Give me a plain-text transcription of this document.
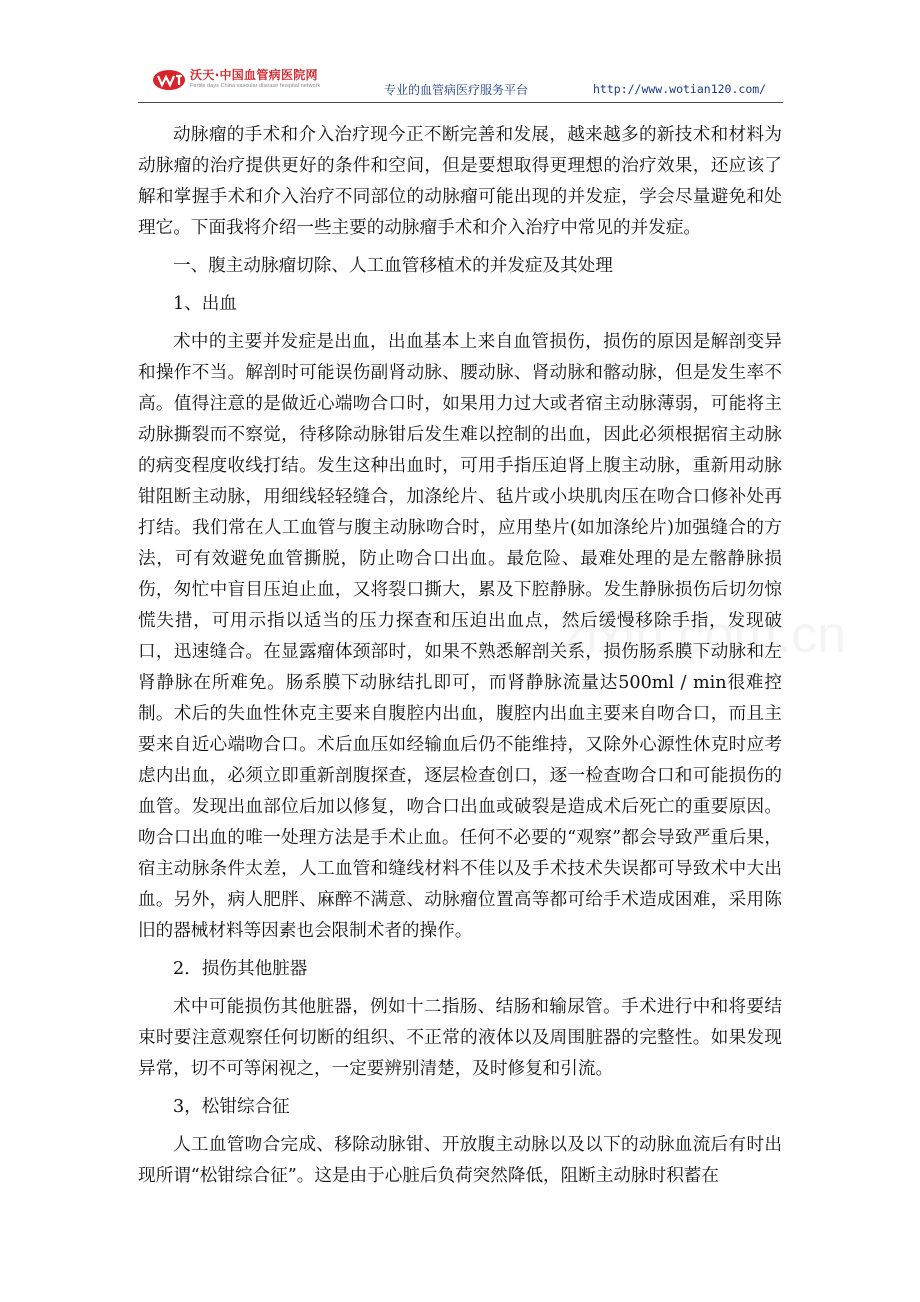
沃天·中国血管病医院网
Fertile days China vascular disease hospital network	专业的血管病医疗服务平台	http://www.wotian120.com/

动脉瘤的手术和介入治疗现今正不断完善和发展，越来越多的新技术和材料为动脉瘤的治疗提供更好的条件和空间，但是要想取得更理想的治疗效果，还应该了解和掌握手术和介入治疗不同部位的动脉瘤可能出现的并发症，学会尽量避免和处理它。下面我将介绍一些主要的动脉瘤手术和介入治疗中常见的并发症。

一、腹主动脉瘤切除、人工血管移植术的并发症及其处理

1、出血

术中的主要并发症是出血，出血基本上来自血管损伤，损伤的原因是解剖变异和操作不当。解剖时可能误伤副肾动脉、腰动脉、肾动脉和髂动脉，但是发生率不高。值得注意的是做近心端吻合口时，如果用力过大或者宿主动脉薄弱，可能将主动脉撕裂而不察觉，待移除动脉钳后发生难以控制的出血，因此必须根据宿主动脉的病变程度收线打结。发生这种出血时，可用手指压迫肾上腹主动脉，重新用动脉钳阻断主动脉，用细线轻轻缝合，加涤纶片、毡片或小块肌肉压在吻合口修补处再打结。我们常在人工血管与腹主动脉吻合时，应用垫片(如加涤纶片)加强缝合的方法，可有效避免血管撕脱，防止吻合口出血。最危险、最难处理的是左髂静脉损伤，匆忙中盲目压迫止血，又将裂口撕大，累及下腔静脉。发生静脉损伤后切勿惊慌失措，可用示指以适当的压力探查和压迫出血点，然后缓慢移除手指，发现破口，迅速缝合。在显露瘤体颈部时，如果不熟悉解剖关系，损伤肠系膜下动脉和左肾静脉在所难免。肠系膜下动脉结扎即可，而肾静脉流量达500ml / min很难控制。术后的失血性休克主要来自腹腔内出血，腹腔内出血主要来自吻合口，而且主要来自近心端吻合口。术后血压如经输血后仍不能维持，又除外心源性休克时应考虑内出血，必须立即重新剖腹探查，逐层检查创口，逐一检查吻合口和可能损伤的血管。发现出血部位后加以修复，吻合口出血或破裂是造成术后死亡的重要原因。吻合口出血的唯一处理方法是手术止血。任何不必要的“观察”都会导致严重后果，宿主动脉条件太差，人工血管和缝线材料不佳以及手术技术失误都可导致术中大出血。另外，病人肥胖、麻醉不满意、动脉瘤位置高等都可给手术造成困难，采用陈旧的器械材料等因素也会限制术者的操作。

2．损伤其他脏器

术中可能损伤其他脏器，例如十二指肠、结肠和输尿管。手术进行中和将要结束时要注意观察任何切断的组织、不正常的液体以及周围脏器的完整性。如果发现异常，切不可等闲视之，一定要辨别清楚，及时修复和引流。

3，松钳综合征

人工血管吻合完成、移除动脉钳、开放腹主动脉以及以下的动脉血流后有时出现所谓“松钳综合征”。这是由于心脏后负荷突然降低，阻断主动脉时积蓄在
